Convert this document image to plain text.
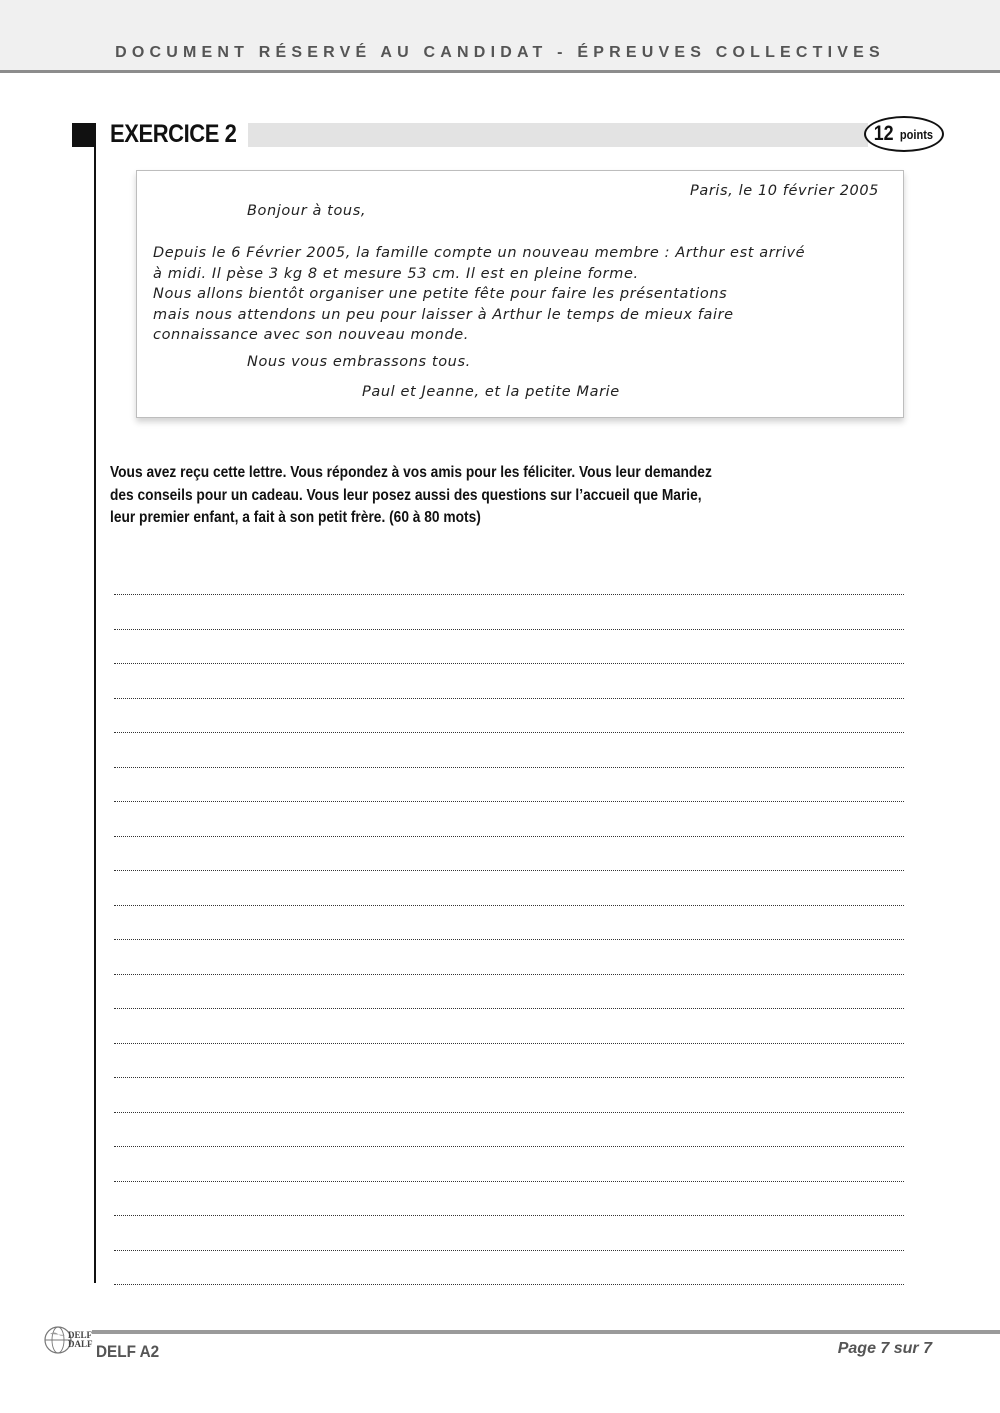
DOCUMENT RÉSERVÉ AU CANDIDAT - ÉPREUVES COLLECTIVES
EXERCICE 2	12 points
Paris, le 10 février 2005
Bonjour à tous,

Depuis le 6 Février 2005, la famille compte un nouveau membre : Arthur est arrivé

à midi. Il pèse 3 kg 8 et mesure 53 cm. Il est en pleine forme.

Nous allons bientôt organiser une petite fête pour faire les présentations

mais nous attendons un peu pour laisser à Arthur le temps de mieux faire

connaissance avec son nouveau monde.

Nous vous embrassons tous.
Paul et Jeanne, et la petite Marie

Vous avez reçu cette lettre. Vous répondez à vos amis pour les féliciter. Vous leur demandez

des conseils pour un cadeau. Vous leur posez aussi des questions sur l’accueil que Marie,

leur premier enfant, a fait à son petit frère. (60 à 80 mots)

DELF
DALF DELF A2	Page 7 sur 7
